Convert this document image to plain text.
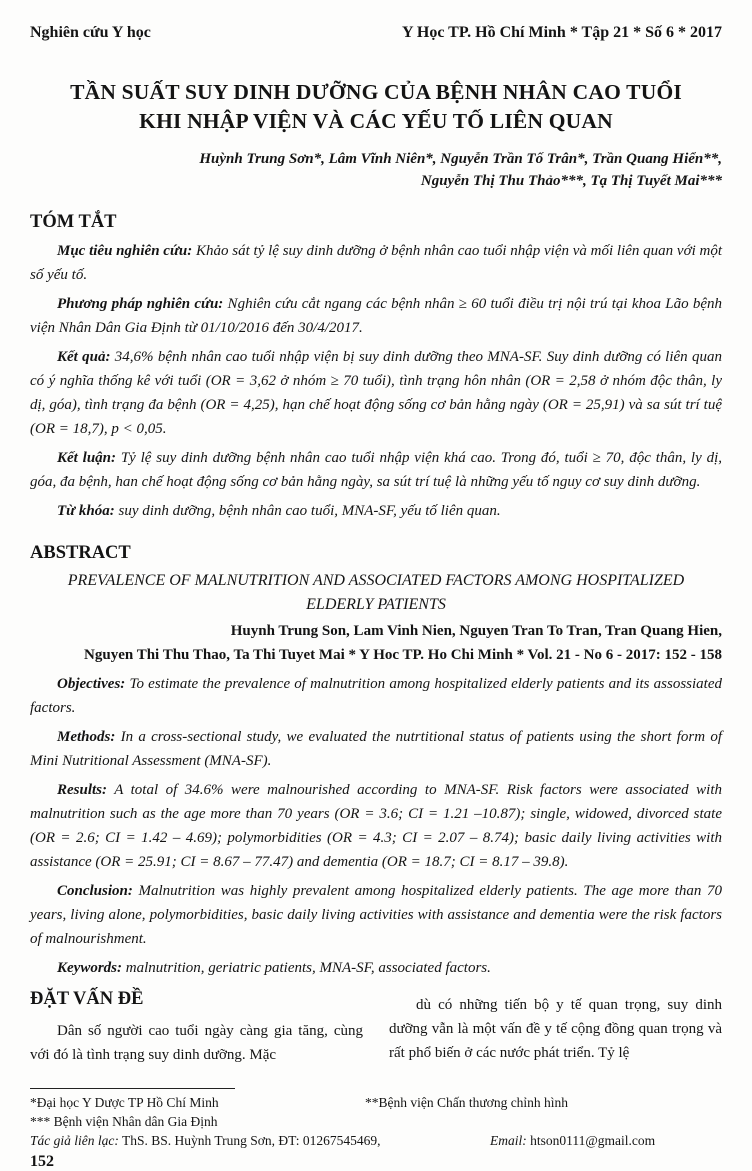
Nghiên cứu Y học	Y Học TP. Hồ Chí Minh * Tập 21 * Số 6 * 2017
TẦN SUẤT SUY DINH DƯỠNG CỦA BỆNH NHÂN CAO TUỔI
KHI NHẬP VIỆN VÀ CÁC YẾU TỐ LIÊN QUAN
Huỳnh Trung Sơn*, Lâm Vĩnh Niên*, Nguyễn Trần Tố Trân*, Trần Quang Hiển**,
Nguyễn Thị Thu Thảo***, Tạ Thị Tuyết Mai***
TÓM TẮT

Mục tiêu nghiên cứu: Khảo sát tỷ lệ suy dinh dưỡng ở bệnh nhân cao tuổi nhập viện và mối liên quan với một số yếu tố.

Phương pháp nghiên cứu: Nghiên cứu cắt ngang các bệnh nhân ≥ 60 tuổi điều trị nội trú tại khoa Lão bệnh viện Nhân Dân Gia Định từ 01/10/2016 đến 30/4/2017.

Kết quả: 34,6% bệnh nhân cao tuổi nhập viện bị suy dinh dưỡng theo MNA-SF. Suy dinh dưỡng có liên quan có ý nghĩa thống kê với tuổi (OR = 3,62 ở nhóm ≥ 70 tuổi), tình trạng hôn nhân (OR = 2,58 ở nhóm độc thân, ly dị, góa), tình trạng đa bệnh (OR = 4,25), hạn chế hoạt động sống cơ bản hằng ngày (OR = 25,91) và sa sút trí tuệ (OR = 18,7), p < 0,05.

Kết luận: Tỷ lệ suy dinh dưỡng bệnh nhân cao tuổi nhập viện khá cao. Trong đó, tuổi ≥ 70, độc thân, ly dị, góa, đa bệnh, han chế hoạt động sống cơ bản hằng ngày, sa sút trí tuệ là những yếu tố nguy cơ suy dinh dưỡng.

Từ khóa: suy dinh dưỡng, bệnh nhân cao tuổi, MNA-SF, yếu tố liên quan.

ABSTRACT
PREVALENCE OF MALNUTRITION AND ASSOCIATED FACTORS AMONG HOSPITALIZED
ELDERLY PATIENTS
Huynh Trung Son, Lam Vinh Nien, Nguyen Tran To Tran, Tran Quang Hien,
Nguyen Thi Thu Thao, Ta Thi Tuyet Mai * Y Hoc TP. Ho Chi Minh * Vol. 21 - No 6 - 2017: 152 - 158

Objectives: To estimate the prevalence of malnutrition among hospitalized elderly patients and its assossiated factors.

Methods: In a cross-sectional study, we evaluated the nutrtitional status of patients using the short form of Mini Nutritional Assessment (MNA-SF).

Results: A total of 34.6% were malnourished according to MNA-SF. Risk factors were associated with malnutrition such as the age more than 70 years (OR = 3.6; CI = 1.21 –10.87); single, widowed, divorced state (OR = 2.6; CI = 1.42 – 4.69); polymorbidities (OR = 4.3; CI = 2.07 – 8.74); basic daily living activities with assistance (OR = 25.91; CI = 8.67 – 77.47) and dementia (OR = 18.7; CI = 8.17 – 39.8).

Conclusion: Malnutrition was highly prevalent among hospitalized elderly patients. The age more than 70 years, living alone, polymorbidities, basic daily living activities with assistance and dementia were the risk factors of malnourishment.

Keywords: malnutrition, geriatric patients, MNA-SF, associated factors.

ĐẶT VẤN ĐỀ

Dân số người cao tuổi ngày càng gia tăng, cùng với đó là tình trạng suy dinh dưỡng. Mặc

dù có những tiến bộ y tế quan trọng, suy dinh dưỡng vẫn là một vấn đề y tế cộng đồng quan trọng và rất phổ biến ở các nước phát triển. Tỷ lệ

*Đại học Y Dược TP Hồ Chí Minh	**Bệnh viện Chấn thương chỉnh hình
*** Bệnh viện Nhân dân Gia Định
Tác giả liên lạc: ThS. BS. Huỳnh Trung Sơn, ĐT: 01267545469,	Email: htson0111@gmail.com
152
